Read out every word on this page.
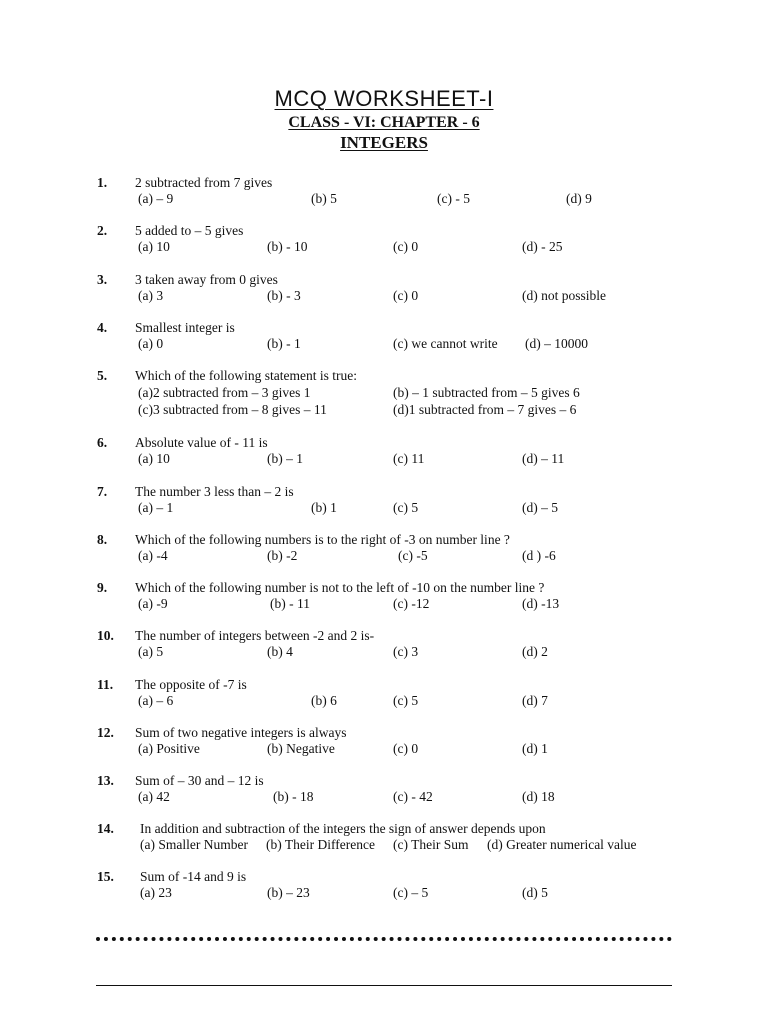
MCQ WORKSHEET-I
CLASS - VI: CHAPTER - 6
INTEGERS
1. 2 subtracted from 7 gives
(a) – 9	(b) 5	(c) - 5	(d) 9
2. 5 added to – 5 gives
(a) 10	(b) - 10	(c) 0	(d) - 25
3. 3 taken away from 0 gives
(a) 3	(b) - 3	(c) 0	(d) not possible
4. Smallest integer is
(a) 0	(b) - 1	(c) we cannot write (d) – 10000
5. Which of the following statement is true:
(a)2 subtracted from – 3 gives 1	(b) – 1 subtracted from – 5 gives 6
(c)3 subtracted from – 8 gives – 11	(d)1 subtracted from – 7 gives – 6
6. Absolute value of - 11 is
(a) 10	(b) – 1	(c) 11	(d) – 11
7. The number 3 less than – 2 is
(a) – 1	(b) 1	(c) 5	(d) – 5
8. Which of the following numbers is to the right of -3 on number line ?
(a) -4	(b) -2	(c) -5	(d ) -6
9. Which of the following number is not to the left of -10 on the number line ?
(a) -9	(b) - 11	(c) -12	(d) -13
10. The number of integers between -2 and 2 is-
(a) 5	(b) 4	(c) 3	(d) 2
11. The opposite of -7 is
(a) – 6	(b) 6	(c) 5	(d) 7
12. Sum of two negative integers is always
(a) Positive	(b) Negative	(c) 0	(d) 1
13. Sum of – 30 and – 12 is
(a) 42	(b) - 18	(c) - 42	(d) 18
14. In addition and subtraction of the integers the sign of answer depends upon
(a) Smaller Number (b) Their Difference (c) Their Sum (d) Greater numerical value
15. Sum of -14 and 9 is
(a) 23	(b) – 23	(c) – 5	(d) 5
